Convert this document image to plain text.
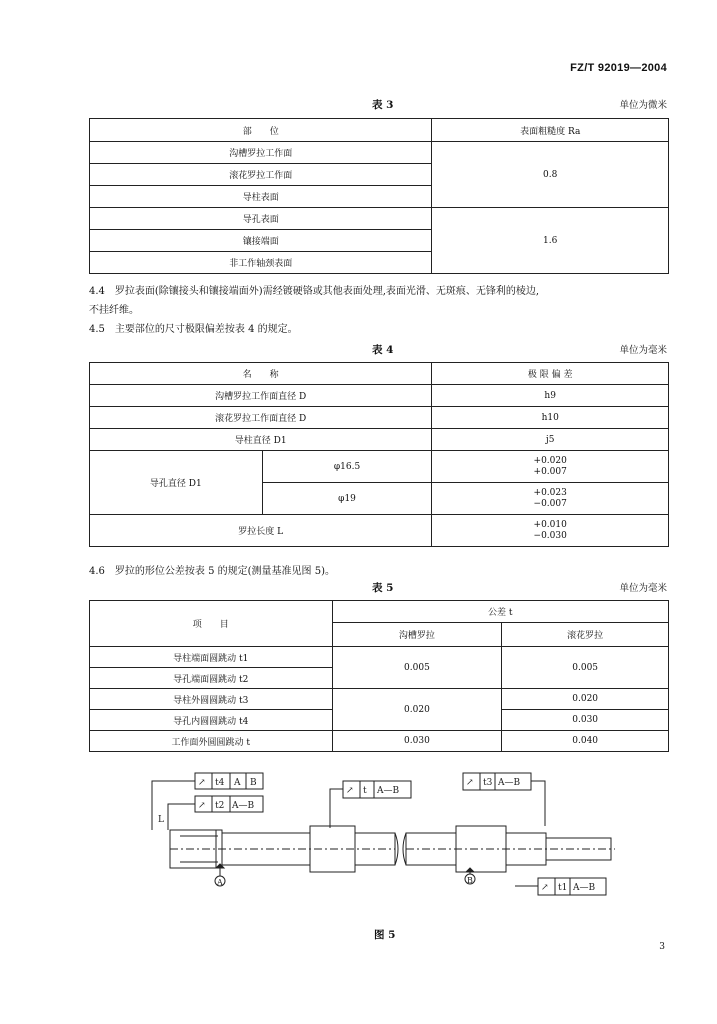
FZ/T 92019—2004
表 3	单位为微米
部　　位	表面粗糙度 Ra
沟槽罗拉工作面	0.8
滚花罗拉工作面	
导柱表面	
导孔表面	1.6
镶接端面	
非工作轴颈表面	
4.4　罗拉表面(除镶接头和镶接端面外)需经镀硬铬或其他表面处理,表面光滑、无斑痕、无锋利的棱边,
不挂纤维。
4.5　主要部位的尺寸极限偏差按表 4 的规定。
表 4	单位为毫米
名　　称		极 限 偏 差
沟槽罗拉工作面直径 D		h9
滚花罗拉工作面直径 D		h10
导柱直径 D1		j5
导孔直径 D1	φ16.5	+0.020
+0.007

	φ19	+0.023
−0.007

罗拉长度 L		+0.010
−0.030
4.6　罗拉的形位公差按表 5 的规定(测量基准见图 5)。
表 5	单位为毫米
项　　目	公差 t	
	沟槽罗拉	滚花罗拉
导柱端面圆跳动 t1	0.005	0.005
导孔端面圆跳动 t2		
导柱外圆圆跳动 t3	0.020	0.020
导孔内圆圆跳动 t4		0.030
工作面外圆圆跳动 t	0.030	0.040
↗ t4 A B
↗ t2 A—B
L
↗ t A—B
↗ t3 A—B
↗ t1 A—B
A	B
图 5
3
